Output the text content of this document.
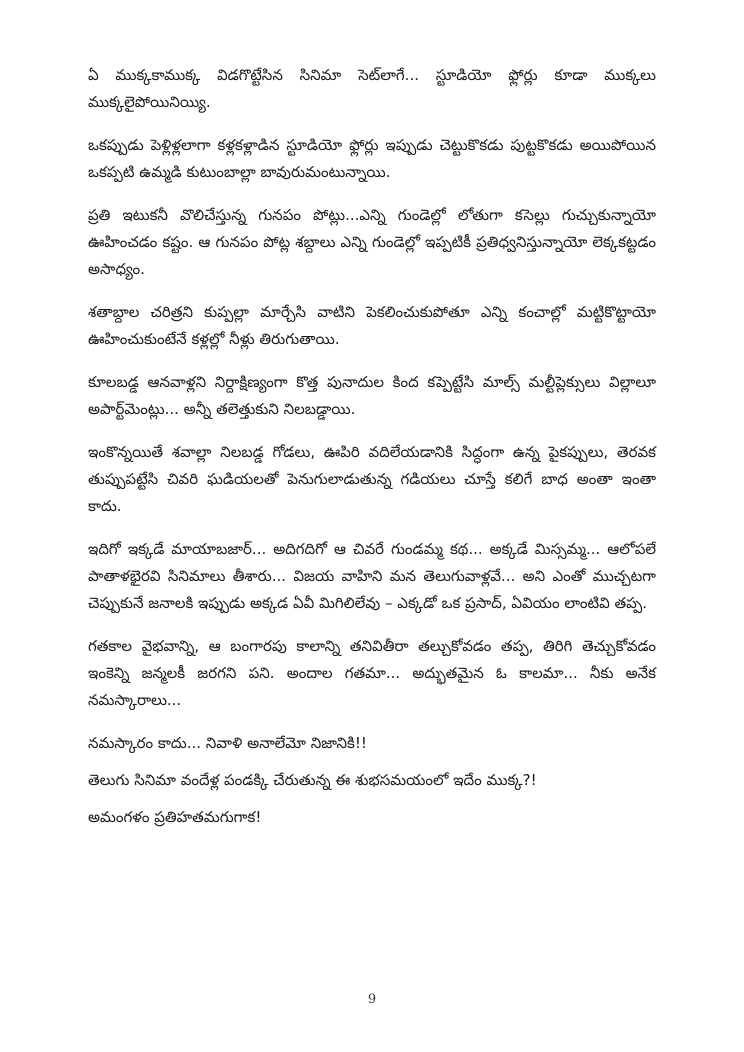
ఏ ముక్కకాముక్క విడగొట్టేసిన సినిమా సెట్‌లాగే... స్టూడియో ఫ్లోర్లు కూడా ముక్కలు ముక్కలైపోయినియ్యి.

ఒకప్పుడు పెళ్లిళ్లలాగా కళ్లకళ్లాడిన స్టూడియో ఫ్లోర్లు ఇప్పుడు చెట్టుకొకడు పుట్టకొకడు అయిపోయిన ఒకప్పటి ఉమ్మడి కుటుంబాల్లా బావురుమంటున్నాయి.

ప్రతి ఇటుకనీ వొలిచేస్తున్న గునపం పోట్లు...ఎన్ని గుండెల్లో లోతుగా కసెల్లు గుచ్చుకున్నాయో ఊహించడం కష్టం. ఆ గునపం పోట్ల శబ్దాలు ఎన్ని గుండెల్లో ఇప్పటికీ ప్రతిధ్వనిస్తున్నాయో లెక్కకట్టడం అసాధ్యం.

శతాబ్దాల చరిత్రని కుప్పల్లా మార్చేసి వాటిని పెకలించుకుపోతూ ఎన్ని కంచాల్లో మట్టికొట్టాయో ఊహించుకుంటేనే కళ్లల్లో నీళ్లు తిరుగుతాయి.

కూలబడ్డ ఆనవాళ్లని నిర్దాక్షిణ్యంగా కొత్త పునాదుల కింద కప్పెట్టేసి మాల్స్ మల్టీప్లెక్సులు విల్లాలూ అపార్ట్‌మెంట్లు... అన్నీ తలెత్తుకుని నిలబడ్డాయి.

ఇంకొన్నయితే శవాల్లా నిలబడ్డ గోడలు, ఊపిరి వదిలేయడానికి సిద్ధంగా ఉన్న పైకప్పులు, తెరవక తుప్పుపట్టేసి చివరి ఘడియలతో పెనుగులాడుతున్న గడియలు చూస్తే కలిగే బాధ అంతా ఇంతా కాదు.

ఇదిగో ఇక్కడే మాయాబజార్... అదిగదిగో ఆ చివరే గుండమ్మ కథ... అక్కడే మిస్సమ్మ... ఆలోపలే పాతాళభైరవి సినిమాలు తీశారు... విజయ వాహిని మన తెలుగువాళ్లవే... అని ఎంతో ముచ్చటగా చెప్పుకునే జనాలకి ఇప్పుడు అక్కడ ఏవీ మిగిలిలేవు – ఎక్కడో ఒక ప్రసాద్, ఏవియం లాంటివి తప్ప.

గతకాల వైభవాన్ని, ఆ బంగారపు కాలాన్ని తనివితీరా తల్చుకోవడం తప్ప, తిరిగి తెచ్చుకోవడం ఇంకెన్ని జన్మలకీ జరగని పని. అందాల గతమా... అద్భుతమైన ఓ కాలమా... నీకు అనేక నమస్కారాలు...

నమస్కారం కాదు... నివాళి అనాలేమో నిజానికి!!

తెలుగు సినిమా వందేళ్ల పండక్కి చేరుతున్న ఈ శుభసమయంలో ఇదేం ముక్క?!

అమంగళం ప్రతిహతమగుగాక!

9
